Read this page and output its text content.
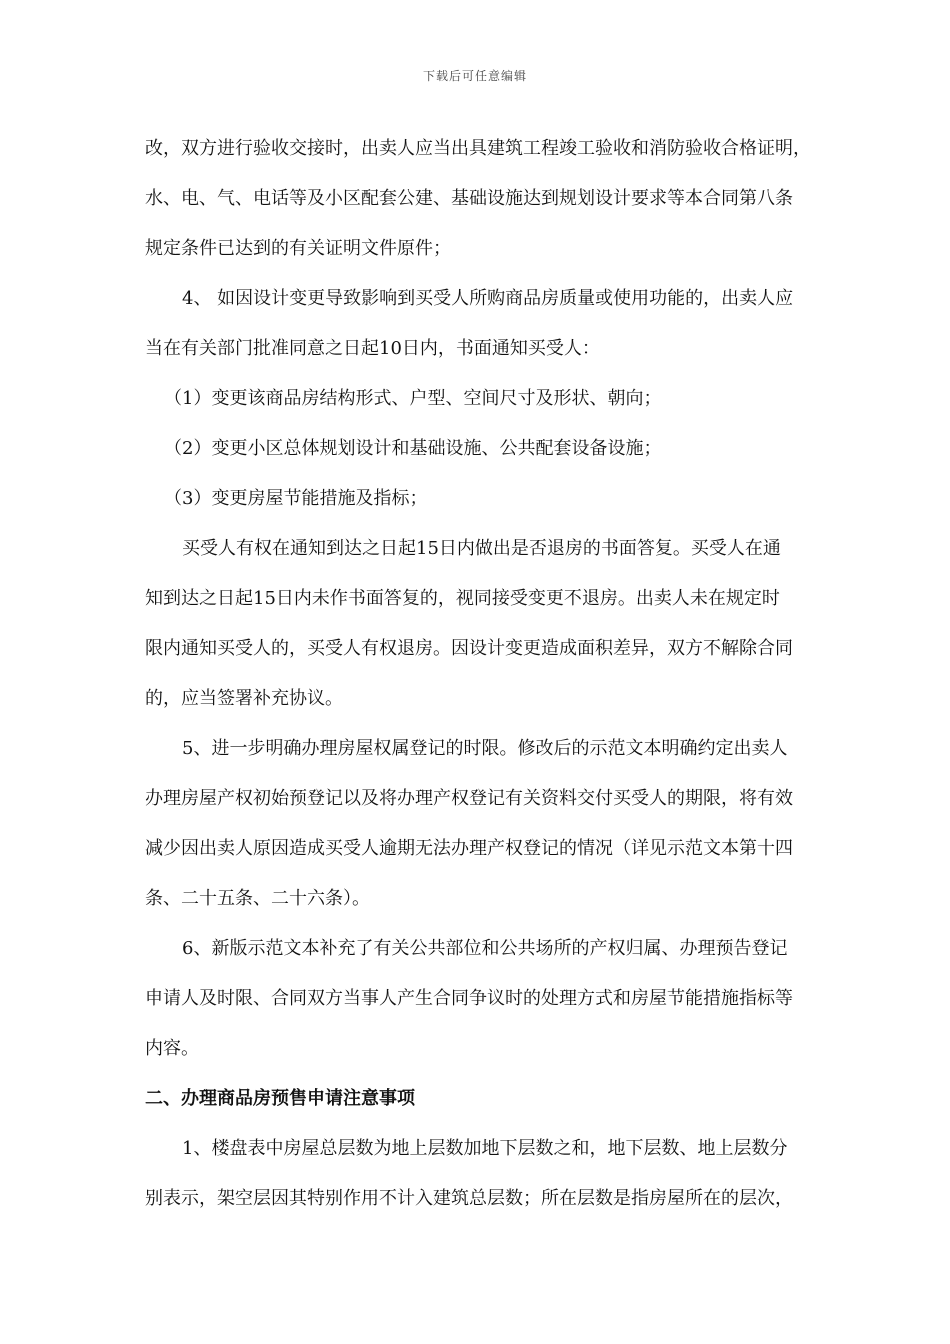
下载后可任意编辑
改，双方进行验收交接时，出卖人应当出具建筑工程竣工验收和消防验收合格证明，
水、电、气、电话等及小区配套公建、基础设施达到规划设计要求等本合同第八条
规定条件已达到的有关证明文件原件；
4、 如因设计变更导致影响到买受人所购商品房质量或使用功能的，出卖人应
当在有关部门批准同意之日起10日内，书面通知买受人：
（1）变更该商品房结构形式、户型、空间尺寸及形状、朝向；
（2）变更小区总体规划设计和基础设施、公共配套设备设施；
（3）变更房屋节能措施及指标；
买受人有权在通知到达之日起15日内做出是否退房的书面答复。买受人在通
知到达之日起15日内未作书面答复的，视同接受变更不退房。出卖人未在规定时
限内通知买受人的，买受人有权退房。因设计变更造成面积差异，双方不解除合同
的，应当签署补充协议。
5、进一步明确办理房屋权属登记的时限。修改后的示范文本明确约定出卖人
办理房屋产权初始预登记以及将办理产权登记有关资料交付买受人的期限，将有效
减少因出卖人原因造成买受人逾期无法办理产权登记的情况（详见示范文本第十四
条、二十五条、二十六条）。
6、新版示范文本补充了有关公共部位和公共场所的产权归属、办理预告登记
申请人及时限、合同双方当事人产生合同争议时的处理方式和房屋节能措施指标等
内容。
二、办理商品房预售申请注意事项
1、楼盘表中房屋总层数为地上层数加地下层数之和，地下层数、地上层数分
别表示，架空层因其特别作用不计入建筑总层数；所在层数是指房屋所在的层次，
